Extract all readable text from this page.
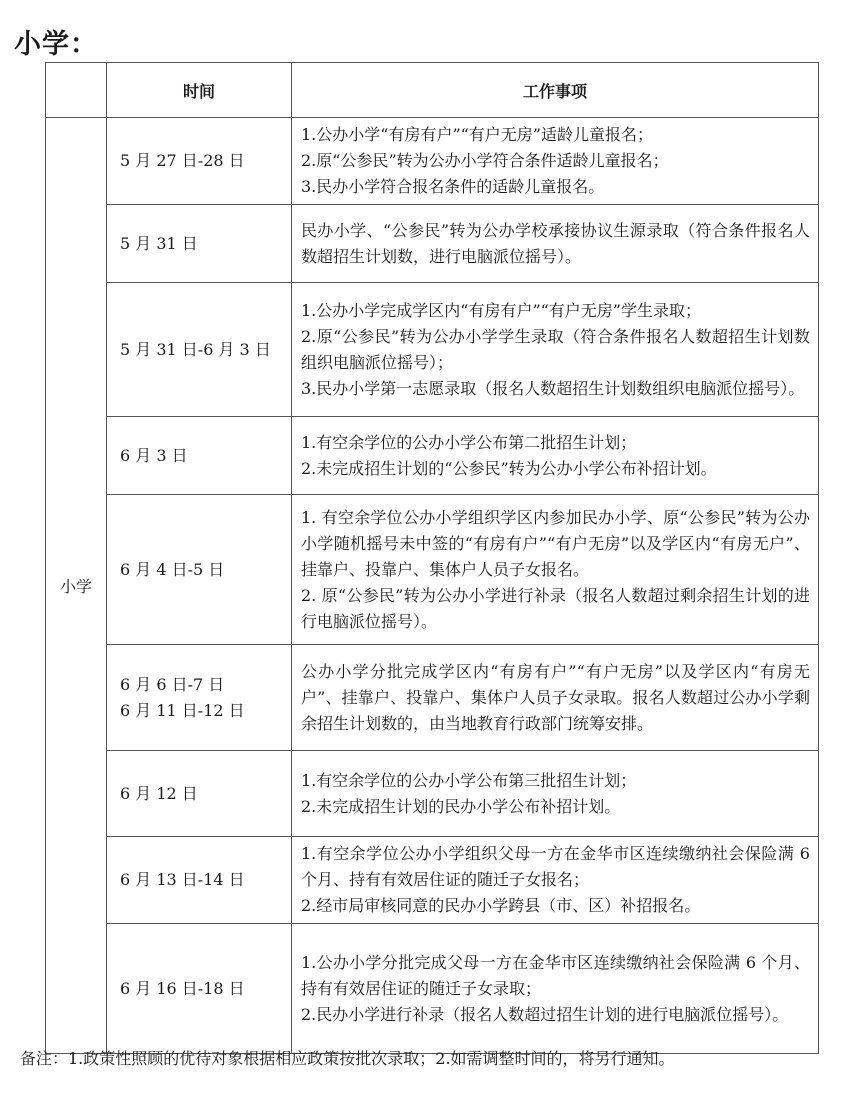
小学：
	时间	工作事项
小学	5 月 27 日-28 日	1.公办小学“有房有户”“有户无房”适龄儿童报名；
2.原“公参民”转为公办小学符合条件适龄儿童报名；
3.民办小学符合报名条件的适龄儿童报名。

	5 月 31 日	民办小学、“公参民”转为公办学校承接协议生源录取（符合条件报名人数超招生计划数，进行电脑派位摇号）。

	5 月 31 日-6 月 3 日	1.公办小学完成学区内“有房有户”“有户无房”学生录取；
2.原“公参民”转为公办小学学生录取（符合条件报名人数超招生计划数组织电脑派位摇号）；
3.民办小学第一志愿录取（报名人数超招生计划数组织电脑派位摇号）。

	6 月 3 日	1.有空余学位的公办小学公布第二批招生计划；
2.未完成招生计划的“公参民”转为公办小学公布补招计划。

	6 月 4 日-5 日	1. 有空余学位公办小学组织学区内参加民办小学、原“公参民”转为公办小学随机摇号未中签的“有房有户”“有户无房”以及学区内“有房无户”、挂靠户、投靠户、集体户人员子女报名。
2. 原“公参民”转为公办小学进行补录（报名人数超过剩余招生计划的进行电脑派位摇号）。

	6 月 6 日-7 日
6 月 11 日-12 日	公办小学分批完成学区内“有房有户”“有户无房”以及学区内“有房无户”、挂靠户、投靠户、集体户人员子女录取。报名人数超过公办小学剩余招生计划数的，由当地教育行政部门统筹安排。

	6 月 12 日	1.有空余学位的公办小学公布第三批招生计划；
2.未完成招生计划的民办小学公布补招计划。

	6 月 13 日-14 日	1.有空余学位公办小学组织父母一方在金华市区连续缴纳社会保险满 6 个月、持有有效居住证的随迁子女报名；
2.经市局审核同意的民办小学跨县（市、区）补招报名。

	6 月 16 日-18 日	1.公办小学分批完成父母一方在金华市区连续缴纳社会保险满 6 个月、持有有效居住证的随迁子女录取；
2.民办小学进行补录（报名人数超过招生计划的进行电脑派位摇号）。

备注：1.政策性照顾的优待对象根据相应政策按批次录取；2.如需调整时间的，将另行通知。
